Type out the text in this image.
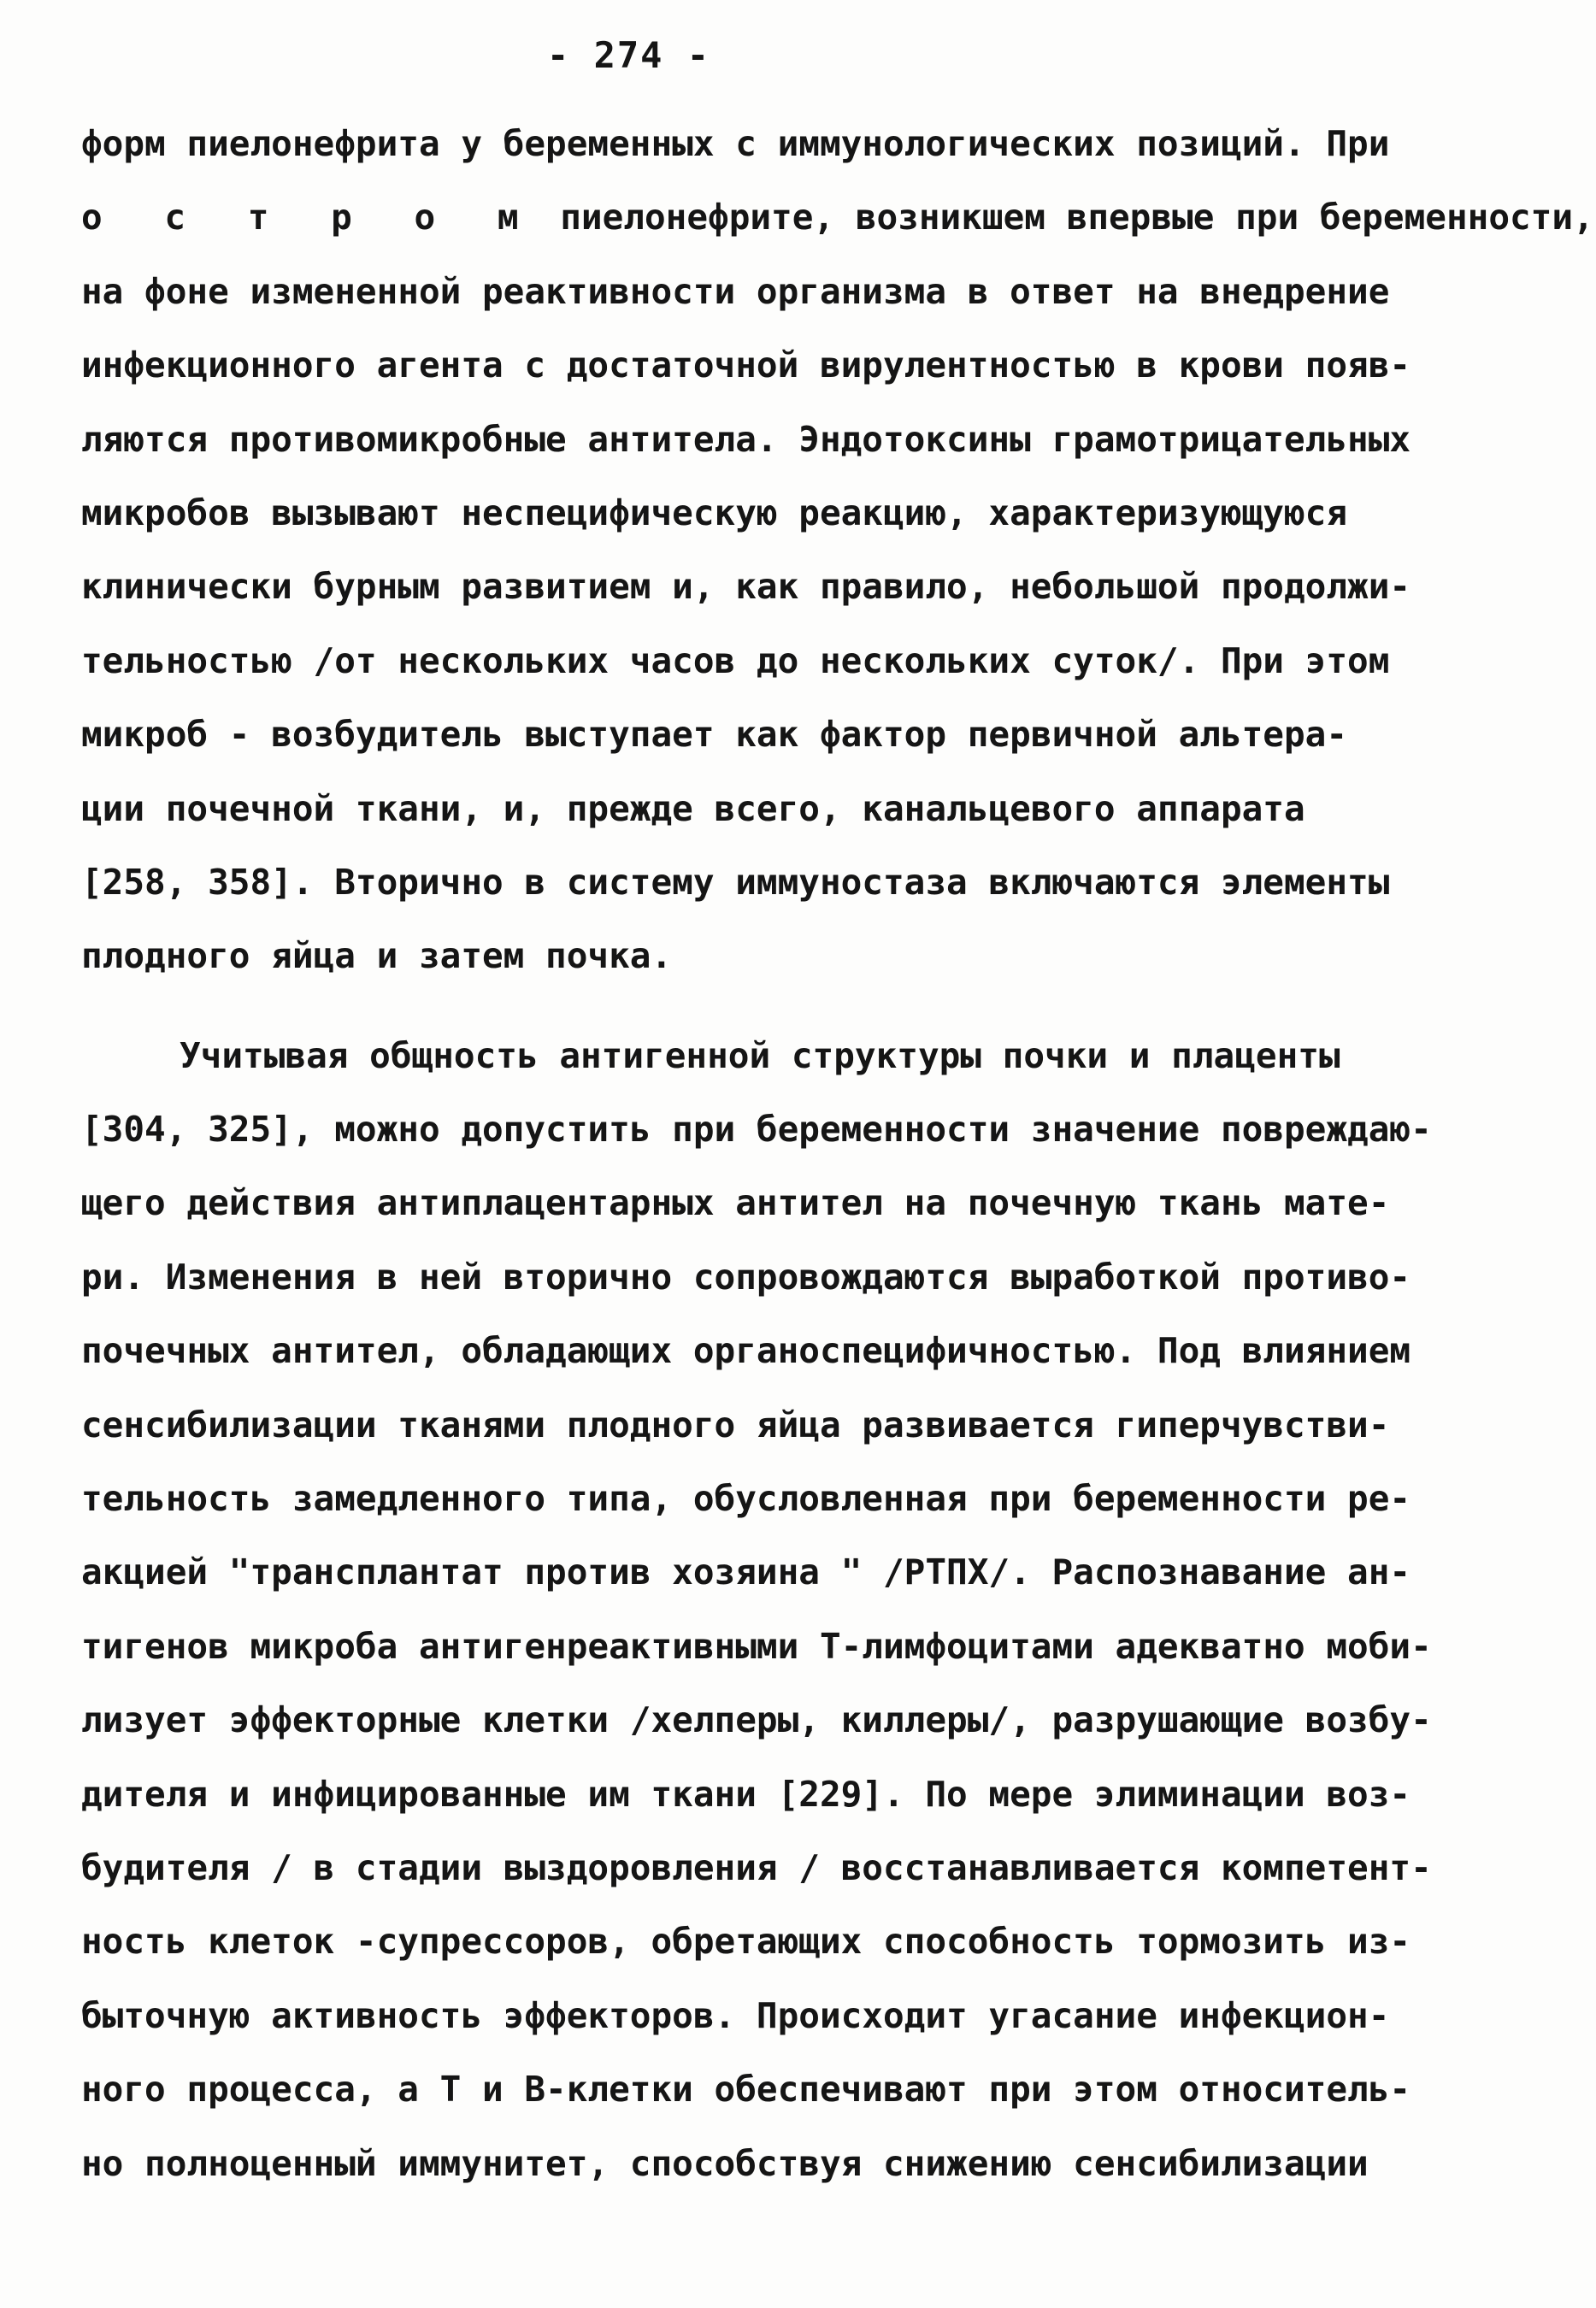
- 274 -
форм пиелонефрита у беременных с иммунологических позиций. При
о с т р о м пиелонефрите, возникшем впервые при беременности,
на фоне измененной реактивности организма в ответ на внедрение
инфекционного агента с достаточной вирулентностью в крови появ-
ляются противомикробные антитела. Эндотоксины грамотрицательных
микробов вызывают неспецифическую реакцию, характеризующуюся
клинически бурным развитием и, как правило, небольшой продолжи-
тельностью /от нескольких часов до нескольких суток/. При этом
микроб - возбудитель выступает как фактор первичной альтера-
ции почечной ткани, и, прежде всего, канальцевого аппарата
[258, 358]. Вторично в систему иммуностаза включаются элементы
плодного яйца и затем почка.
Учитывая общность антигенной структуры почки и плаценты
[304, 325], можно допустить при беременности значение повреждаю-
щего действия антиплацентарных антител на почечную ткань мате-
ри. Изменения в ней вторично сопровождаются выработкой противо-
почечных антител, обладающих органоспецифичностью. Под влиянием
сенсибилизации тканями плодного яйца развивается гиперчувстви-
тельность замедленного типа, обусловленная при беременности ре-
акцией "трансплантат против хозяина " /РТПХ/. Распознавание ан-
тигенов микроба антигенреактивными Т-лимфоцитами адекватно моби-
лизует эффекторные клетки /хелперы, киллеры/, разрушающие возбу-
дителя и инфицированные им ткани [229]. По мере элиминации воз-
будителя / в стадии выздоровления / восстанавливается компетент-
ность клеток -супрессоров, обретающих способность тормозить из-
быточную активность эффекторов. Происходит угасание инфекцион-
ного процесса, а Т и В-клетки обеспечивают при этом относитель-
но полноценный иммунитет, способствуя снижению сенсибилизации
